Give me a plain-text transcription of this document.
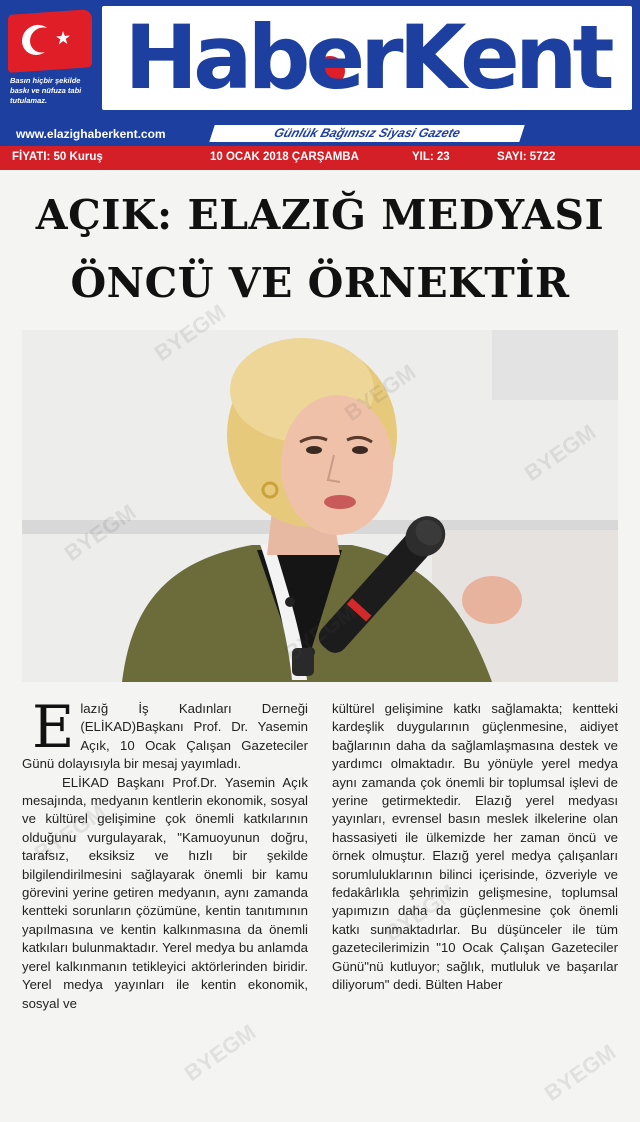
★
Basın hiçbir şekilde baskı ve nüfuza tabi tutulamaz. HaberKent
www.elazighaberkent.com	Günlük Bağımsız Siyasi Gazete
FİYATI: 50 Kuruş	10 OCAK 2018 ÇARŞAMBA	YIL: 23	SAYI: 5722
AÇIK: ELAZIĞ MEDYASI
ÖNCÜ VE ÖRNEKTİR

Elazığ İş Kadınları Derneği (ELİKAD)Başkanı Prof. Dr. Yasemin Açık, 10 Ocak Çalışan Gazeteciler Günü dolayısıyla bir mesaj yayımladı.

ELİKAD Başkanı Prof.Dr. Yasemin Açık mesajında, medyanın kentlerin ekonomik, sosyal ve kültürel gelişimine çok önemli katkılarının olduğunu vurgulayarak, "Kamuoyunun doğru, tarafsız, eksiksiz ve hızlı bir şekilde bilgilendirilmesini sağlayarak önemli bir kamu görevini yerine getiren medyanın, aynı zamanda kentteki sorunların çözümüne, kentin tanıtımının yapılmasına ve kentin kalkınmasına da önemli katkıları bulunmaktadır. Yerel medya bu anlamda yerel kalkınmanın tetikleyici aktörlerinden biridir. Yerel medya yayınları ile kentin ekonomik, sosyal ve

kültürel gelişimine katkı sağlamakta; kentteki kardeşlik duygularının güçlenmesine, aidiyet bağlarının daha da sağlamlaşmasına destek ve yardımcı olmaktadır. Bu yönüyle yerel medya aynı zamanda çok önemli bir toplumsal işlevi de yerine getirmektedir. Elazığ yerel medyası yayınları, evrensel basın meslek ilkelerine olan hassasiyeti ile ülkemizde her zaman öncü ve örnek olmuştur. Elazığ yerel medya çalışanları sorumluluklarının bilinci içerisinde, özveriyle ve fedakârlıkla şehrimizin gelişmesine, toplumsal yapımızın daha da güçlenmesine çok önemli katkı sunmaktadırlar. Bu düşünceler ile tüm gazetecilerimizin "10 Ocak Çalışan Gazeteciler Günü"nü kutluyor; sağlık, mutluluk ve başarılar diliyorum" dedi. Bülten Haber

BYEGM
BYEGM
BYEGM	BYEGM
